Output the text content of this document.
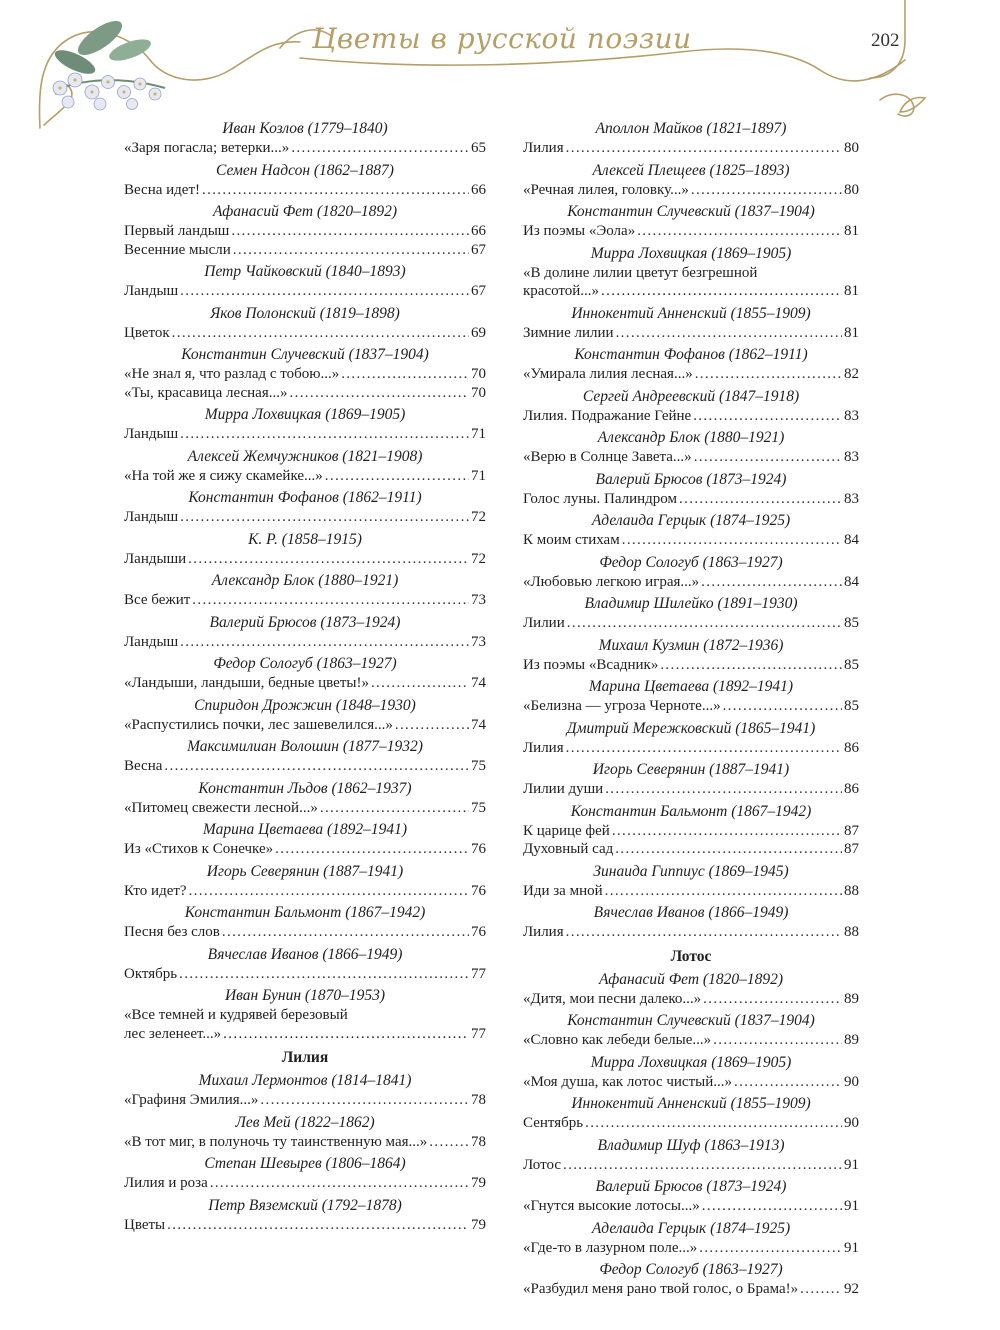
Цветы в русской поэзии	202
Иван Козлов (1779–1840)
«Заря погасла; ветерки...» . . .	65
Семен Надсон (1862–1887)
Весна идет! . . .	66
Афанасий Фет (1820–1892)
Первый ландыш . . .	66
Весенние мысли . . .	67
Петр Чайковский (1840–1893)
Ландыш . . .	67
Яков Полонский (1819–1898)
Цветок . . .	69
Константин Случевский (1837–1904)
«Не знал я, что разлад с тобою...» . . .	70
«Ты, красавица лесная...» . . .	70
Мирра Лохвицкая (1869–1905)
Ландыш . . .	71
Алексей Жемчужников (1821–1908)
«На той же я сижу скамейке...» . . .	71
Константин Фофанов (1862–1911)
Ландыш . . .	72
К. Р. (1858–1915)
Ландыши . . .	72
Александр Блок (1880–1921)
Все бежит . . .	73
Валерий Брюсов (1873–1924)
Ландыш . . .	73
Федор Сологуб (1863–1927)
«Ландыши, ландыши, бедные цветы!» . . .	74
Спиридон Дрожжин (1848–1930)
«Распустились почки, лес зашевелился...» . . .	74
Максимилиан Волошин (1877–1932)
Весна . . .	75
Константин Льдов (1862–1937)
«Питомец свежести лесной...» . . .	75
Марина Цветаева (1892–1941)
Из «Стихов к Сонечке» . . .	76
Игорь Северянин (1887–1941)
Кто идет? . . .	76
Константин Бальмонт (1867–1942)
Песня без слов . . .	76
Вячеслав Иванов (1866–1949)
Октябрь . . .	77
Иван Бунин (1870–1953)
«Все темней и кудрявей березовый
лес зеленеет...» . . .	77
Лилия
Михаил Лермонтов (1814–1841)
«Графиня Эмилия...» . . .	78
Лев Мей (1822–1862)
«В тот миг, в полуночь ту таинственную мая...» . . .	78
Степан Шевырев (1806–1864)
Лилия и роза . . .	79
Петр Вяземский (1792–1878)
Цветы . . .	79
Аполлон Майков (1821–1897)
Лилия . . .	80
Алексей Плещеев (1825–1893)
«Речная лилея, головку...» . . .	80
Константин Случевский (1837–1904)
Из поэмы «Эола» . . .	81
Мирра Лохвицкая (1869–1905)
«В долине лилии цветут безгрешной
красотой...» . . .	81
Иннокентий Анненский (1855–1909)
Зимние лилии . . .	81
Константин Фофанов (1862–1911)
«Умирала лилия лесная...» . . .	82
Сергей Андреевский (1847–1918)
Лилия. Подражание Гейне . . .	83
Александр Блок (1880–1921)
«Верю в Солнце Завета...» . . .	83
Валерий Брюсов (1873–1924)
Голос луны. Палиндром . . .	83
Аделаида Герцык (1874–1925)
К моим стихам . . .	84
Федор Сологуб (1863–1927)
«Любовью легкою играя...» . . .	84
Владимир Шилейко (1891–1930)
Лилии . . .	85
Михаил Кузмин (1872–1936)
Из поэмы «Всадник» . . .	85
Марина Цветаева (1892–1941)
«Белизна — угроза Черноте...» . . .	85
Дмитрий Мережковский (1865–1941)
Лилия . . .	86
Игорь Северянин (1887–1941)
Лилии души . . .	86
Константин Бальмонт (1867–1942)
К царице фей . . .	87
Духовный сад . . .	87
Зинаида Гиппиус (1869–1945)
Иди за мной . . .	88
Вячеслав Иванов (1866–1949)
Лилия . . .	88
Лотос
Афанасий Фет (1820–1892)
«Дитя, мои песни далеко...» . . .	89
Константин Случевский (1837–1904)
«Словно как лебеди белые...» . . .	89
Мирра Лохвицкая (1869–1905)
«Моя душа, как лотос чистый...» . . .	90
Иннокентий Анненский (1855–1909)
Сентябрь . . .	90
Владимир Шуф (1863–1913)
Лотос . . .	91
Валерий Брюсов (1873–1924)
«Гнутся высокие лотосы...» . . .	91
Аделаида Герцык (1874–1925)
«Где-то в лазурном поле...» . . .	91
Федор Сологуб (1863–1927)
«Разбудил меня рано твой голос, о Брама!» . . .	92
